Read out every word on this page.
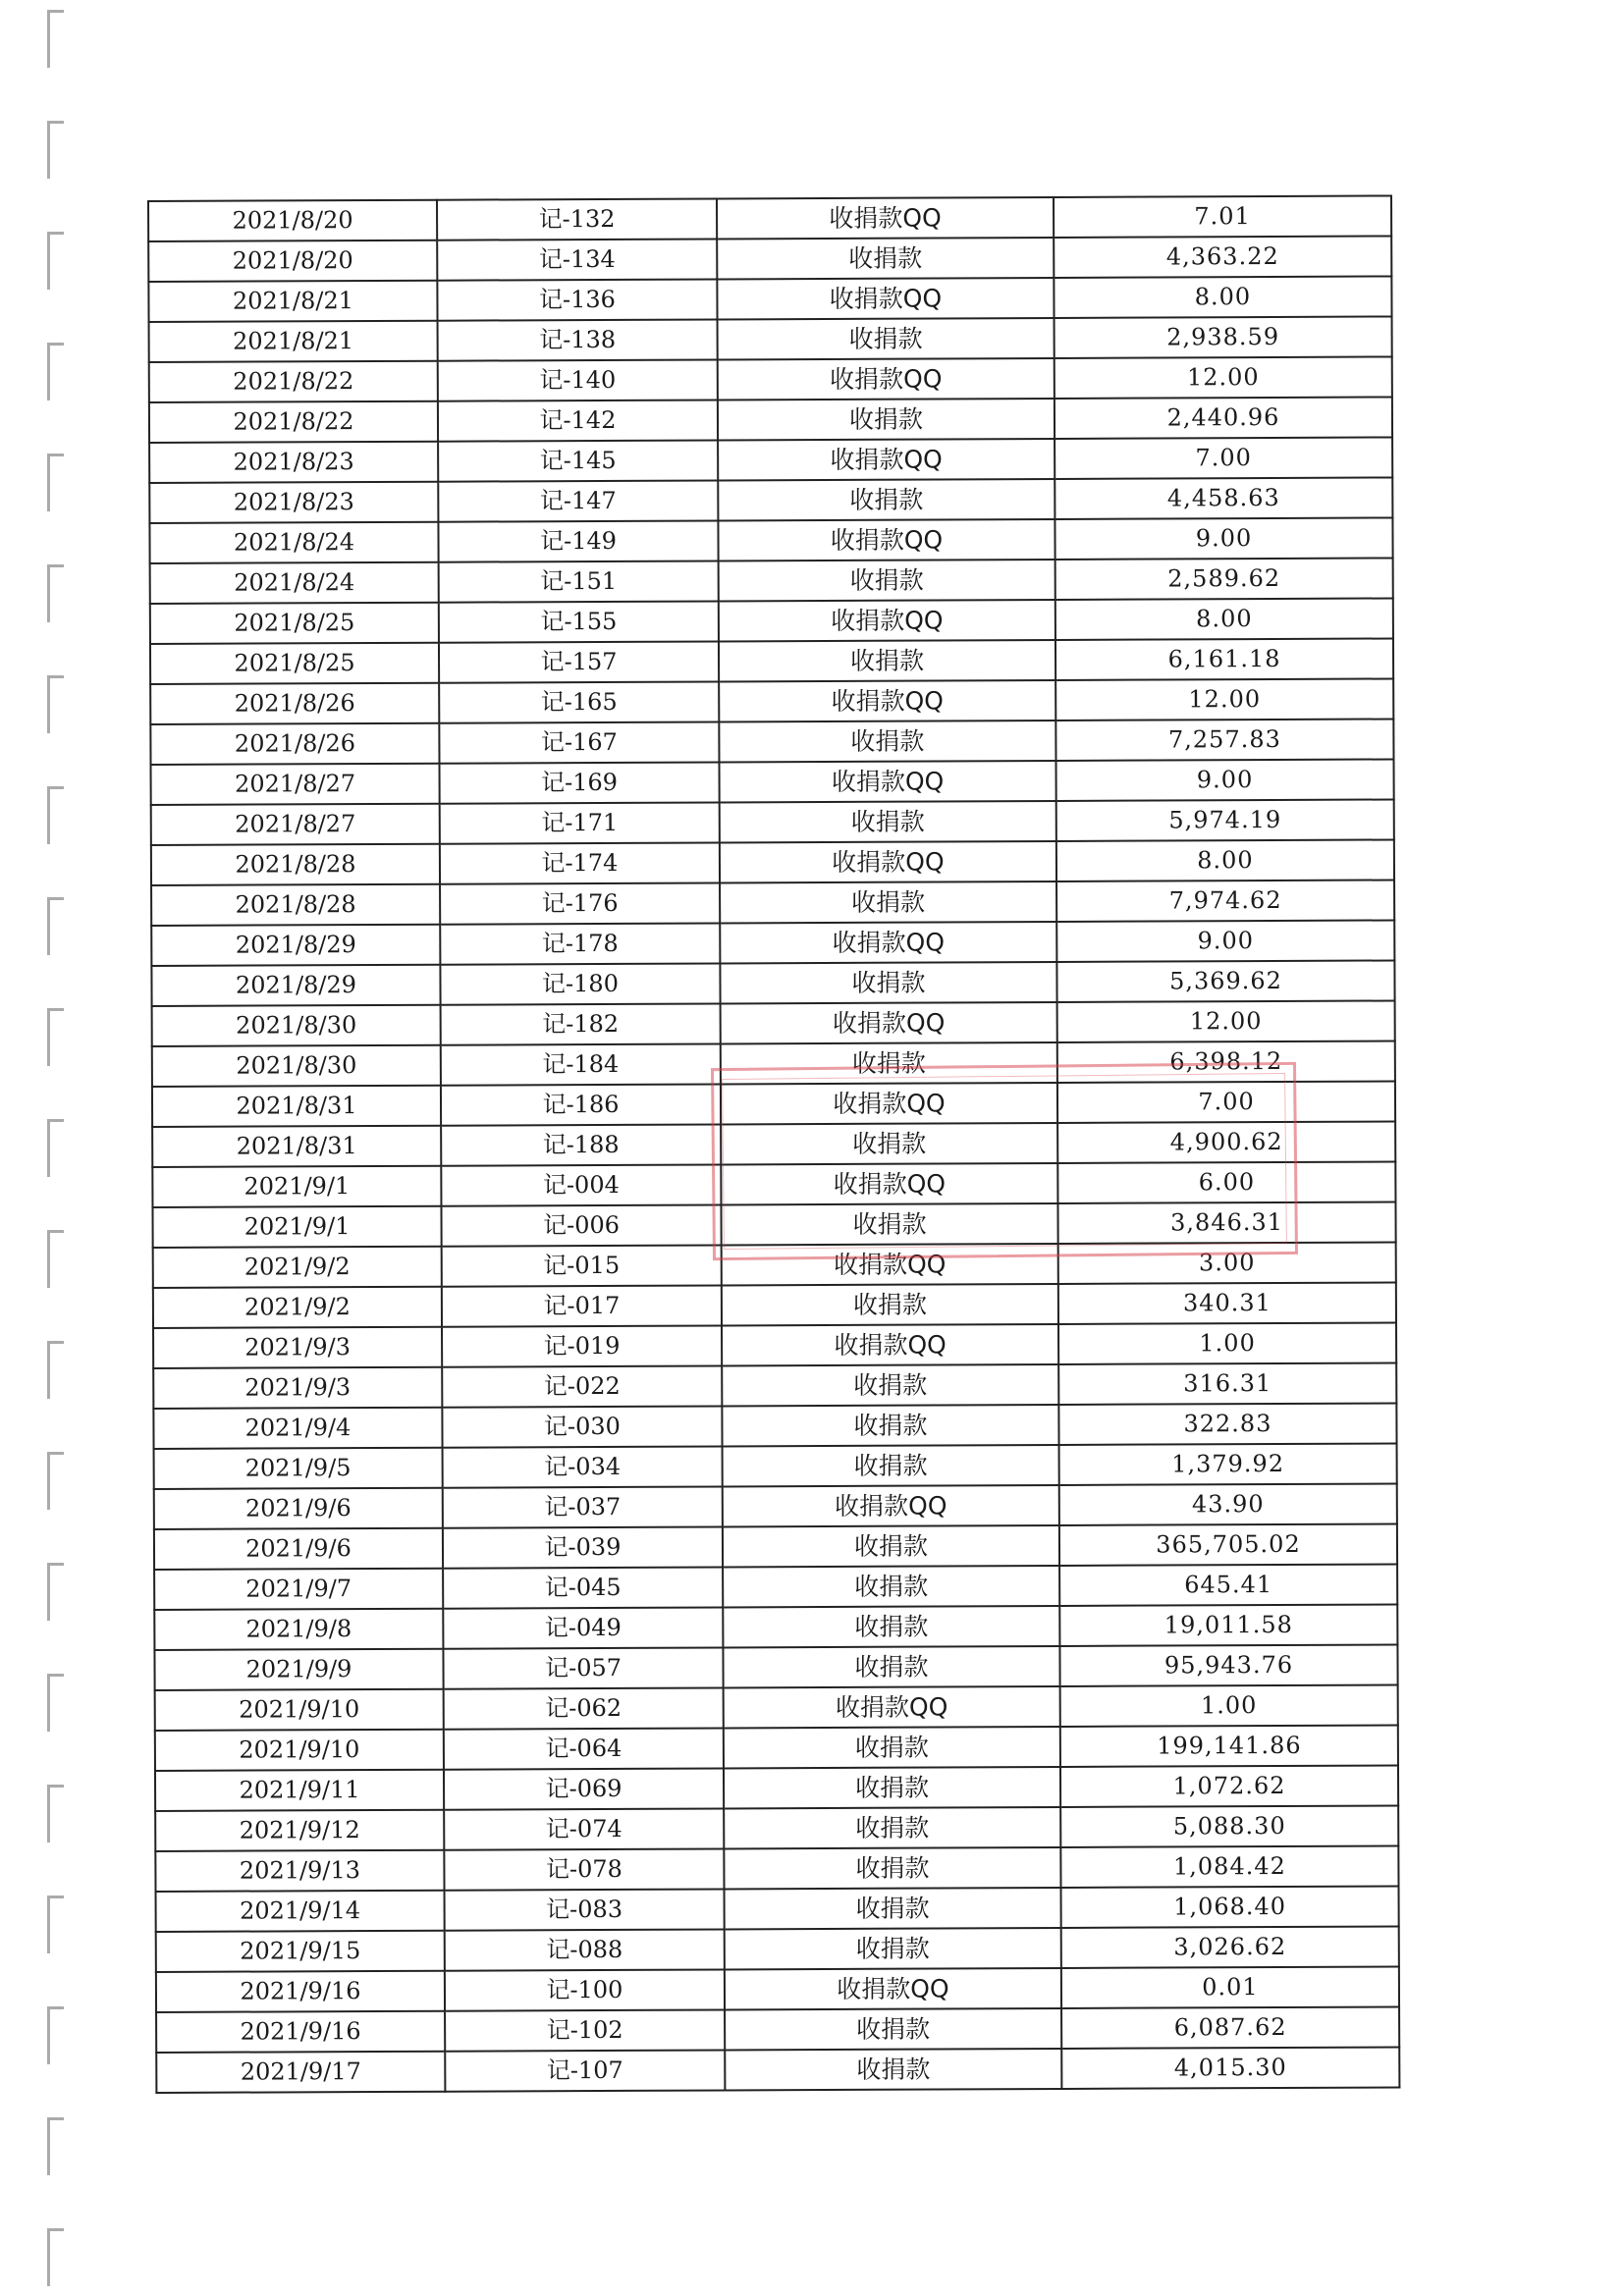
2021/8/20	记-132	收捐款QQ	7.01
2021/8/20	记-134	收捐款	4,363.22
2021/8/21	记-136	收捐款QQ	8.00
2021/8/21	记-138	收捐款	2,938.59
2021/8/22	记-140	收捐款QQ	12.00
2021/8/22	记-142	收捐款	2,440.96
2021/8/23	记-145	收捐款QQ	7.00
2021/8/23	记-147	收捐款	4,458.63
2021/8/24	记-149	收捐款QQ	9.00
2021/8/24	记-151	收捐款	2,589.62
2021/8/25	记-155	收捐款QQ	8.00
2021/8/25	记-157	收捐款	6,161.18
2021/8/26	记-165	收捐款QQ	12.00
2021/8/26	记-167	收捐款	7,257.83
2021/8/27	记-169	收捐款QQ	9.00
2021/8/27	记-171	收捐款	5,974.19
2021/8/28	记-174	收捐款QQ	8.00
2021/8/28	记-176	收捐款	7,974.62
2021/8/29	记-178	收捐款QQ	9.00
2021/8/29	记-180	收捐款	5,369.62
2021/8/30	记-182	收捐款QQ	12.00
2021/8/30	记-184	收捐款	6,398.12
2021/8/31	记-186	收捐款QQ	7.00
2021/8/31	记-188	收捐款	4,900.62
2021/9/1	记-004	收捐款QQ	6.00
2021/9/1	记-006	收捐款	3,846.31
2021/9/2	记-015	收捐款QQ	3.00
2021/9/2	记-017	收捐款	340.31
2021/9/3	记-019	收捐款QQ	1.00
2021/9/3	记-022	收捐款	316.31
2021/9/4	记-030	收捐款	322.83
2021/9/5	记-034	收捐款	1,379.92
2021/9/6	记-037	收捐款QQ	43.90
2021/9/6	记-039	收捐款	365,705.02
2021/9/7	记-045	收捐款	645.41
2021/9/8	记-049	收捐款	19,011.58
2021/9/9	记-057	收捐款	95,943.76
2021/9/10	记-062	收捐款QQ	1.00
2021/9/10	记-064	收捐款	199,141.86
2021/9/11	记-069	收捐款	1,072.62
2021/9/12	记-074	收捐款	5,088.30
2021/9/13	记-078	收捐款	1,084.42
2021/9/14	记-083	收捐款	1,068.40
2021/9/15	记-088	收捐款	3,026.62
2021/9/16	记-100	收捐款QQ	0.01
2021/9/16	记-102	收捐款	6,087.62
2021/9/17	记-107	收捐款	4,015.30
